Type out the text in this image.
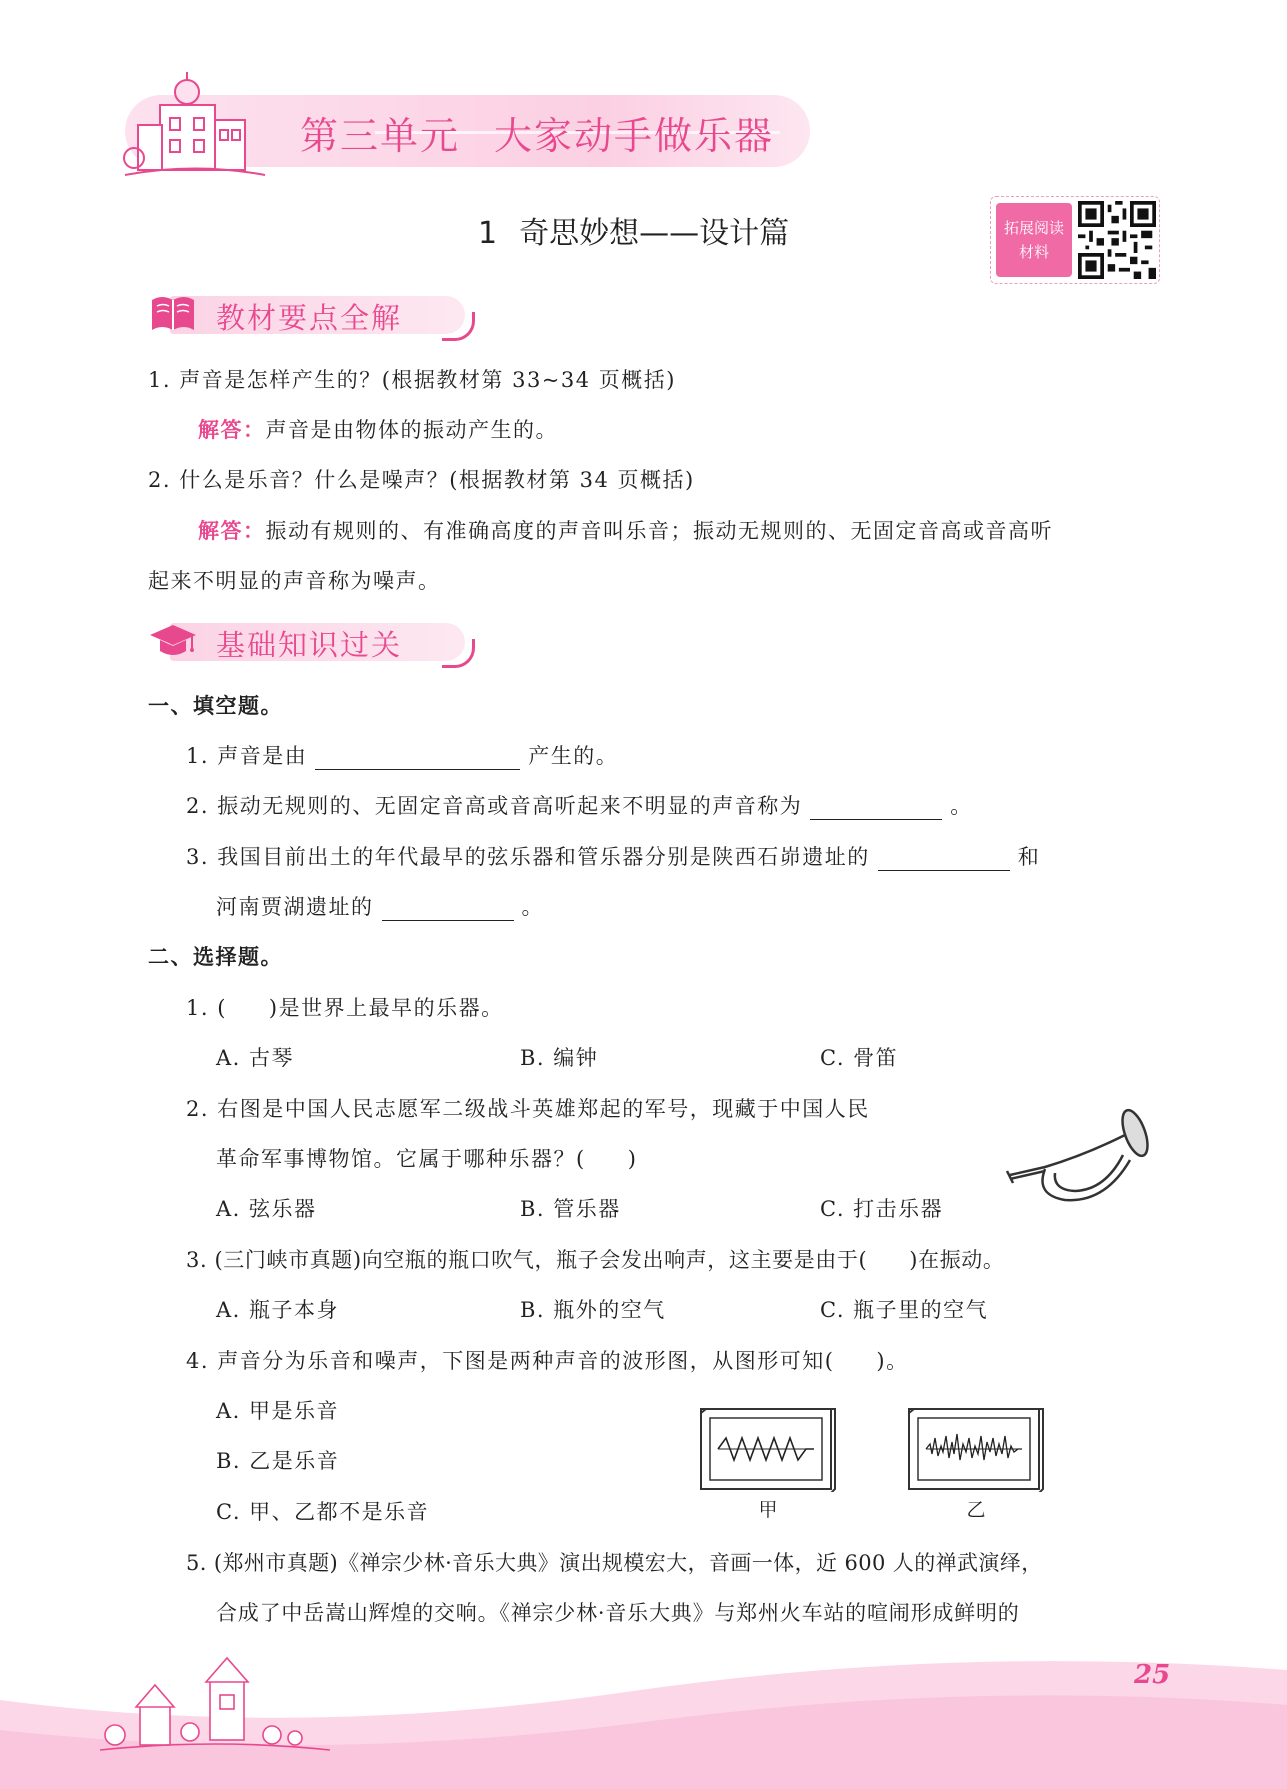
第三单元 大家动手做乐器
1 奇思妙想——设计篇	拓展阅读
材料
教材要点全解
1. 声音是怎样产生的？(根据教材第 33~34 页概括)
解答：声音是由物体的振动产生的。
2. 什么是乐音？什么是噪声？(根据教材第 34 页概括)
解答：振动有规则的、有准确高度的声音叫乐音；振动无规则的、无固定音高或音高听
起来不明显的声音称为噪声。
基础知识过关
一、填空题。
1. 声音是由	产生的。
2. 振动无规则的、无固定音高或音高听起来不明显的声音称为	。
3. 我国目前出土的年代最早的弦乐器和管乐器分别是陕西石峁遗址的	和
河南贾湖遗址的	。
二、选择题。
1. ( )是世界上最早的乐器。
A. 古琴	B. 编钟	C. 骨笛
2. 右图是中国人民志愿军二级战斗英雄郑起的军号，现藏于中国人民
革命军事博物馆。它属于哪种乐器？( )
A. 弦乐器	B. 管乐器	C. 打击乐器
3. (三门峡市真题)向空瓶的瓶口吹气，瓶子会发出响声，这主要是由于( )在振动。
A. 瓶子本身	B. 瓶外的空气	C. 瓶子里的空气
4. 声音分为乐音和噪声，下图是两种声音的波形图，从图形可知( )。
A. 甲是乐音
B. 乙是乐音
C. 甲、乙都不是乐音	甲	乙
5. (郑州市真题)《禅宗少林·音乐大典》演出规模宏大，音画一体，近 600 人的禅武演绎，
合成了中岳嵩山辉煌的交响。《禅宗少林·音乐大典》与郑州火车站的喧闹形成鲜明的
25
